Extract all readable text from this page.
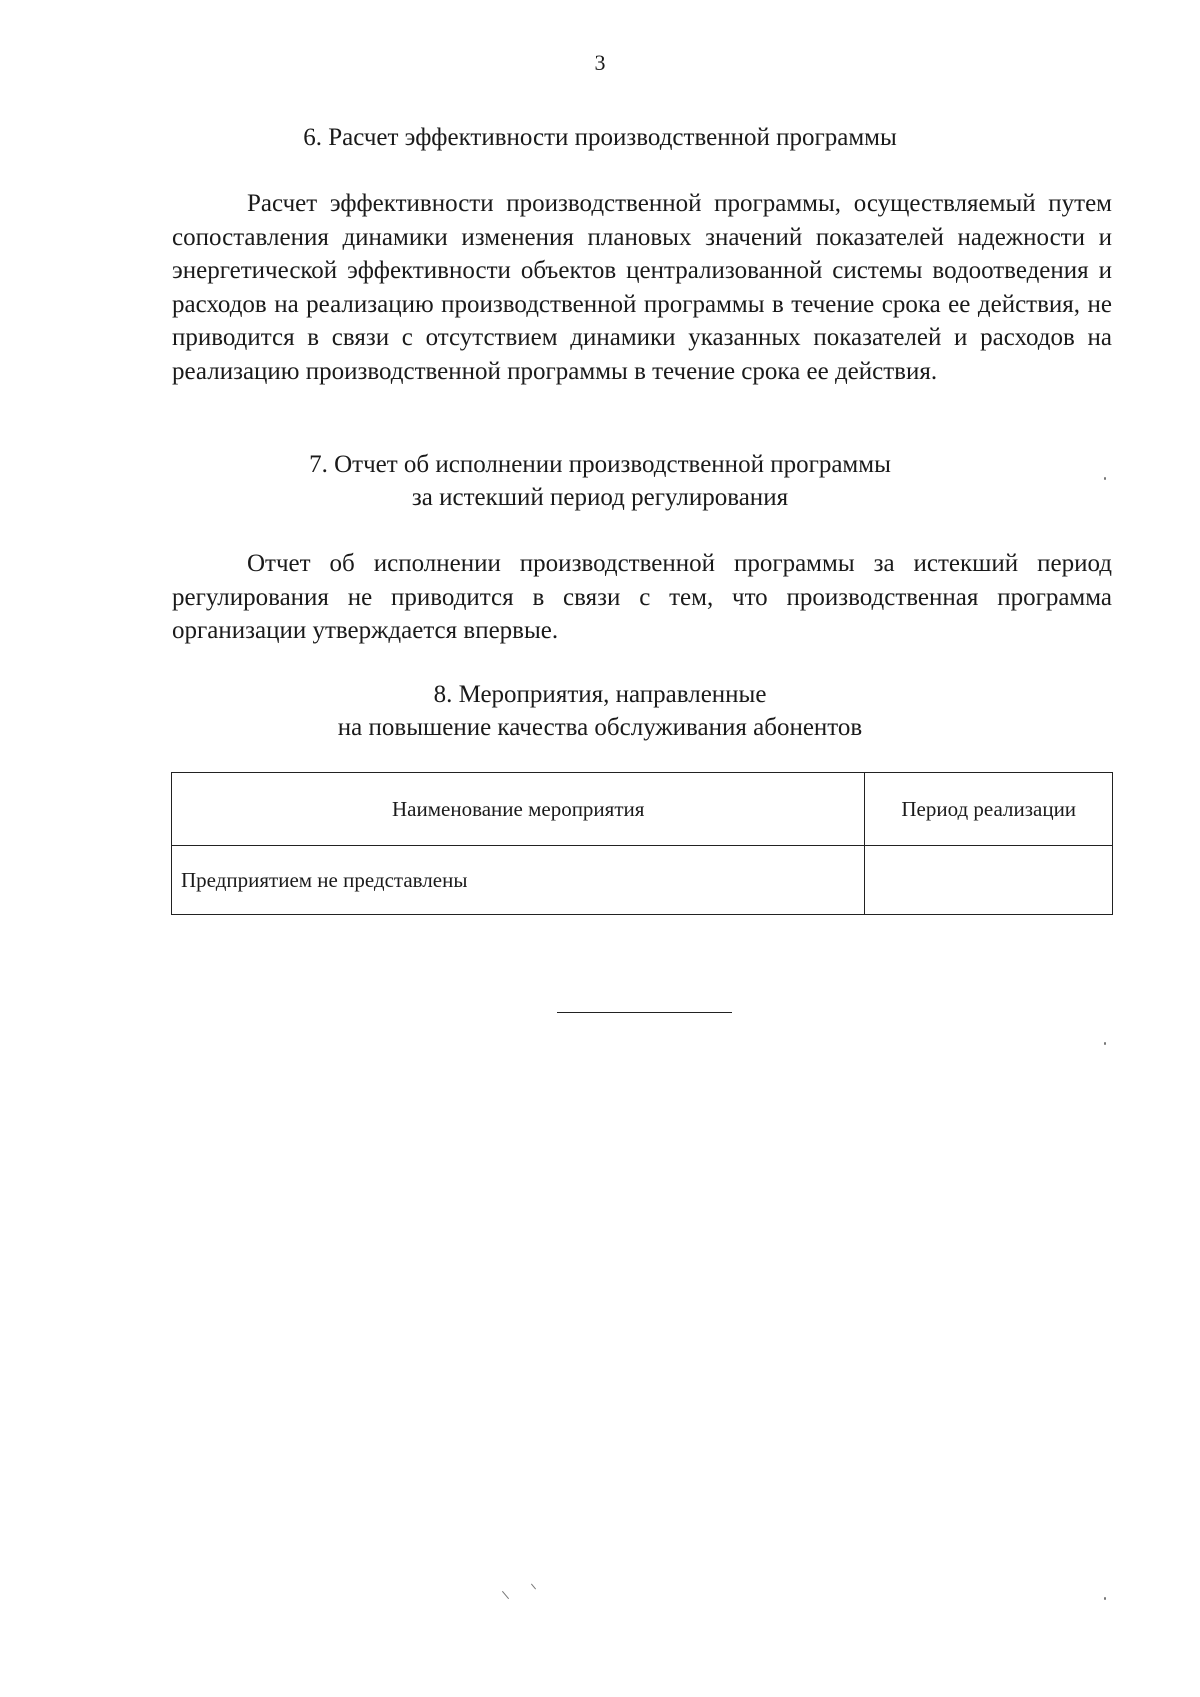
3
6. Расчет эффективности производственной программы

Расчет эффективности производственной программы, осуществляемый путем сопоставления динамики изменения плановых значений показателей надежности и энергетической эффективности объектов централизованной системы водоотведения и расходов на реализацию производственной программы в течение срока ее действия, не приводится в связи с отсутствием динамики указанных показателей и расходов на реализацию производственной программы в течение срока ее действия.

7. Отчет об исполнении производственной программы
за истекший период регулирования

Отчет об исполнении производственной программы за истекший период регулирования не приводится в связи с тем, что производственная программа организации утверждается впервые.

8. Мероприятия, направленные
на повышение качества обслуживания абонентов
Наименование мероприятия	Период реализации
Предприятием не представлены	
